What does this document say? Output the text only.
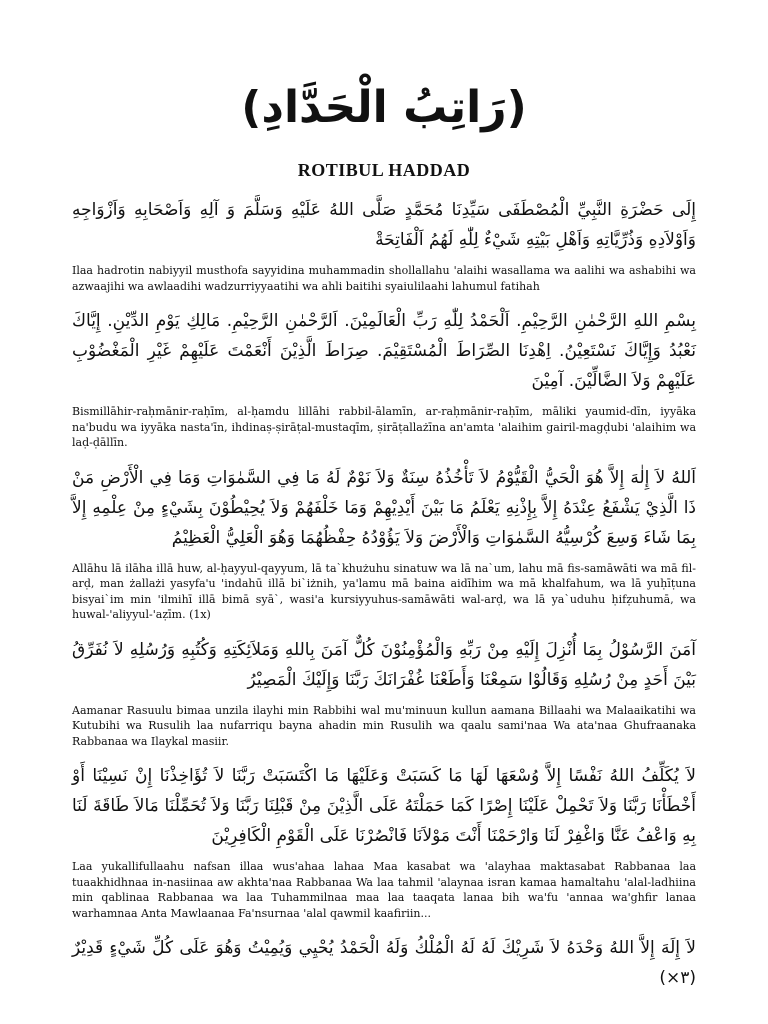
(رَاتِبُ الْحَدَّادِ)
ROTIBUL HADDAD

إِلَى حَضْرَةِ النَّبِيِّ الْمُصْطَفَى سَيِّدِنَا مُحَمَّدٍ صَلَّى اللهُ عَلَيْهِ وَسَلَّمَ وَ آلِهِ وَاَصْحَابِهِ وَاَزْوَاجِهِ وَاَوْلاَدِهِ وَذُرِّيَّاتِهِ وَاَهْلِ بَيْتِهِ شَيْءٌ لِلّٰهِ لَهُمُ اَلْفَاتِحَةْ

Ilaa hadrotin nabiyyil musthofa sayyidina muhammadin shollallahu 'alaihi wasallama wa aalihi wa ashabihi wa azwaajihi wa awlaadihi wadzurriyyaatihi wa ahli baitihi syaiulilaahi lahumul fatihah

بِسْمِ اللهِ الرَّحْمٰنِ الرَّحِيْمِ. اَلْحَمْدُ لِلّٰهِ رَبِّ الْعَالَمِيْنَ. اَلرَّحْمٰنِ الرَّحِيْمِ. مَالِكِ يَوْمِ الدِّيْنِ. إِيَّاكَ نَعْبُدُ وَإِيَّاكَ نَسْتَعِيْنُ. اِهْدِنَا الصِّرَاطَ الْمُسْتَقِيْمَ. صِرَاطَ الَّذِيْنَ أَنْعَمْتَ عَلَيْهِمْ غَيْرِ الْمَغْضُوْبِ عَلَيْهِمْ وَلاَ الضَّالِّيْنَ. آمِيْنَ

Bismillāhir-raḥmānir-raḥīm, al-ḥamdu lillāhi rabbil-ālamīn, ar-raḥmānir-raḥīm, māliki yaumid-dīn, iyyāka na'budu wa iyyāka nasta'īn, ihdinaṣ-ṣirāṭal-mustaqīm, ṣirāṭallażīna an'amta 'alaihim gairil-magḍubi 'alaihim wa laḍ-ḍāllīn.

اَللهُ لاَ إِلٰهَ إِلاَّ هُوَ الْحَيُّ الْقَيُّوْمُ لاَ تَأْخُذُهُ سِنَةٌ وَلاَ نَوْمٌ لَهُ مَا فِي السَّمٰوَاتِ وَمَا فِي الْأَرْضِ مَنْ ذَا الَّذِيْ يَشْفَعُ عِنْدَهُ إِلاَّ بِإِذْنِهِ يَعْلَمُ مَا بَيْنَ أَيْدِيْهِمْ وَمَا خَلْفَهُمْ وَلاَ يُحِيْطُوْنَ بِشَيْءٍ مِنْ عِلْمِهِ إِلاَّ بِمَا شَاءَ وَسِعَ كُرْسِيُّهُ السَّمٰوَاتِ وَالْأَرْضَ وَلاَ يَؤُوْدُهُ حِفْظُهُمَا وَهُوَ الْعَلِيُّ الْعَظِيْمُ

Allāhu lā ilāha illā huw, al-ḥayyul-qayyum, lā ta`khużuhu sinatuw wa lā na`um, lahu mā fis-samāwāti wa mā fil-arḍ, man żallażi yasyfa'u 'indahū illā bi`iżnih, ya'lamu mā baina aidīhim wa mā khalfahum, wa lā yuḥīṭuna bisyai`im min 'ilmihī illā bimā syā`, wasi'a kursiyyuhus-samāwāti wal-arḍ, wa lā ya`uduhu ḥifẓuhumā, wa huwal-'aliyyul-'aẓīm. (1x)

آمَنَ الرَّسُوْلُ بِمَا أُنْزِلَ إِلَيْهِ مِنْ رَبِّهِ وَالْمُؤْمِنُوْنَ كُلٌّ آمَنَ بِاللهِ وَمَلاَئِكَتِهِ وَكُتُبِهِ وَرُسُلِهِ لاَ نُفَرِّقُ بَيْنَ أَحَدٍ مِنْ رُسُلِهِ وَقَالُوْا سَمِعْنَا وَأَطَعْنَا غُفْرَانَكَ رَبَّنَا وَإِلَيْكَ الْمَصِيْرُ

Aamanar Rasuulu bimaa unzila ilayhi min Rabbihi wal mu'minuun kullun aamana Billaahi wa Malaaikatihi wa Kutubihi wa Rusulih laa nufarriqu bayna ahadin min Rusulih wa qaalu sami'naa Wa ata'naa Ghufraanaka Rabbanaa wa Ilaykal masiir.

لاَ يُكَلِّفُ اللهُ نَفْسًا إِلاَّ وُسْعَهَا لَهَا مَا كَسَبَتْ وَعَلَيْهَا مَا اكْتَسَبَتْ رَبَّنَا لاَ تُؤَاخِذْنَا إِنْ نَسِيْنَا أَوْ أَخْطَأْنَا رَبَّنَا وَلاَ تَحْمِلْ عَلَيْنَا إِصْرًا كَمَا حَمَلْتَهُ عَلَى الَّذِيْنَ مِنْ قَبْلِنَا رَبَّنَا وَلاَ تُحَمِّلْنَا مَالاَ طَاقَةَ لَنَا بِهِ وَاعْفُ عَنَّا وَاغْفِرْ لَنَا وَارْحَمْنَا أَنْتَ مَوْلاَنَا فَانْصُرْنَا عَلَى الْقَوْمِ الْكَافِرِيْنَ

Laa yukallifullaahu nafsan illaa wus'ahaa lahaa Maa kasabat wa 'alayhaa maktasabat Rabbanaa laa tuaakhidhnaa in-nasiinaa aw akhta'naa Rabbanaa Wa laa tahmil 'alaynaa isran kamaa hamaltahu 'alal-ladhiina min qablinaa Rabbanaa wa laa Tuhammilnaa maa laa taaqata lanaa bih wa'fu 'annaa wa'ghfir lanaa warhamnaa Anta Mawlaanaa Fa'nsurnaa 'alal qawmil kaafiriin...

لاَ إِلَهَ إِلاَّ اللهُ وَحْدَهُ لاَ شَرِيْكَ لَهُ لَهُ الْمُلْكُ وَلَهُ الْحَمْدُ يُحْيِي وَيُمِيْتُ وَهُوَ عَلَى كُلِّ شَيْءٍ قَدِيْرٌ (٣×)
